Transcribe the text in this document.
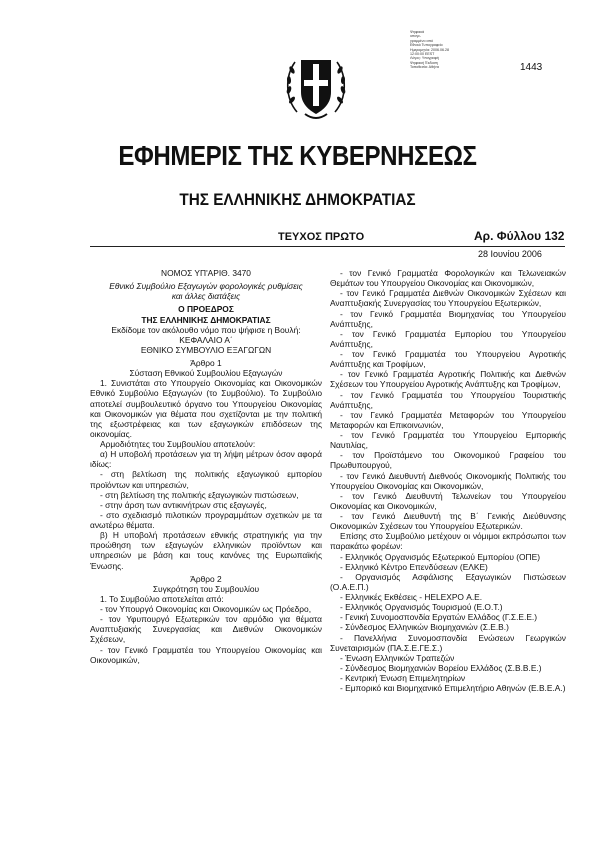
Ψηφιακά
υπογε-
γραμμένο από
Εθνικό Τυπογραφείο
Ημερομηνία: 2006.06.28
12:00:00 EEST
Λόγος: Υπογραφή
Ψηφιακή Έκδοση
Τοποθεσία: Αθήνα	1443
ΕΦΗΜΕΡΙΣ ΤΗΣ ΚΥΒΕΡΝΗΣΕΩΣ
ΤΗΣ ΕΛΛΗΝΙΚΗΣ ΔΗΜΟΚΡΑΤΙΑΣ
ΤΕΥΧΟΣ ΠΡΩΤΟ	Αρ. Φύλλου 132
28 Ιουνίου 2006

ΝΟΜΟΣ ΥΠ'ΑΡΙΘ. 3470

Εθνικό Συμβούλιο Εξαγωγών φορολογικές ρυθμίσεις

και άλλες διατάξεις

Ο ΠΡΟΕΔΡΟΣ

ΤΗΣ ΕΛΛΗΝΙΚΗΣ ΔΗΜΟΚΡΑΤΙΑΣ

Εκδίδομε τον ακόλουθο νόμο που ψήφισε η Βουλή:

ΚΕΦΑΛΑΙΟ Α΄

ΕΘΝΙΚΟ ΣΥΜΒΟΥΛΙΟ ΕΞΑΓΩΓΩΝ

Άρθρο 1

Σύσταση Εθνικού Συμβουλίου Εξαγωγών

1. Συνιστάται στο Υπουργείο Οικονομίας και Οικονομικών Εθνικό Συμβούλιο Εξαγωγών (το Συμβούλιο). Το Συμβούλιο αποτελεί συμβουλευτικό όργανο του Υπουργείου Οικονομίας και Οικονομικών για θέματα που σχετίζονται με την πολιτική της εξωστρέφειας και των εξαγωγικών επιδόσεων της οικονομίας.

Αρμοδιότητες του Συμβουλίου αποτελούν:

α) Η υποβολή προτάσεων για τη λήψη μέτρων όσον αφορά ιδίως:

- στη βελτίωση της πολιτικής εξαγωγικού εμπορίου προϊόντων και υπηρεσιών,

- στη βελτίωση της πολιτικής εξαγωγικών πιστώσεων,

- στην άρση των αντικινήτρων στις εξαγωγές,

- στο σχεδιασμό πιλοτικών προγραμμάτων σχετικών με τα ανωτέρω θέματα.

β) Η υποβολή προτάσεων εθνικής στρατηγικής για την προώθηση των εξαγωγών ελληνικών προϊόντων και υπηρεσιών με βάση και τους κανόνες της Ευρωπαϊκής Ένωσης.

Άρθρο 2

Συγκρότηση του Συμβουλίου

1. Το Συμβούλιο αποτελείται από:

- τον Υπουργό Οικονομίας και Οικονομικών ως Πρόεδρο,

- τον Υφυπουργό Εξωτερικών τον αρμόδιο για θέματα Αναπτυξιακής Συνεργασίας και Διεθνών Οικονομικών Σχέσεων,

- τον Γενικό Γραμματέα του Υπουργείου Οικονομίας και Οικονομικών,

- τον Γενικό Γραμματέα Φορολογικών και Τελωνειακών Θεμάτων του Υπουργείου Οικονομίας και Οικονομικών,

- τον Γενικό Γραμματέα Διεθνών Οικονομικών Σχέσεων και Αναπτυξιακής Συνεργασίας του Υπουργείου Εξωτερικών,

- τον Γενικό Γραμματέα Βιομηχανίας του Υπουργείου Ανάπτυξης,

- τον Γενικό Γραμματέα Εμπορίου του Υπουργείου Ανάπτυξης,

- τον Γενικό Γραμματέα του Υπουργείου Αγροτικής Ανάπτυξης και Τροφίμων,

- τον Γενικό Γραμματέα Αγροτικής Πολιτικής και Διεθνών Σχέσεων του Υπουργείου Αγροτικής Ανάπτυξης και Τροφίμων,

- τον Γενικό Γραμματέα του Υπουργείου Τουριστικής Ανάπτυξης,

- τον Γενικό Γραμματέα Μεταφορών του Υπουργείου Μεταφορών και Επικοινωνιών,

- τον Γενικό Γραμματέα του Υπουργείου Εμπορικής Ναυτιλίας,

- τον Προϊστάμενο του Οικονομικού Γραφείου του Πρωθυπουργού,

- τον Γενικό Διευθυντή Διεθνούς Οικονομικής Πολιτικής του Υπουργείου Οικονομίας και Οικονομικών,

- τον Γενικό Διευθυντή Τελωνείων του Υπουργείου Οικονομίας και Οικονομικών,

- τον Γενικό Διευθυντή της Β΄ Γενικής Διεύθυνσης Οικονομικών Σχέσεων του Υπουργείου Εξωτερικών.

Επίσης στο Συμβούλιο μετέχουν οι νόμιμοι εκπρόσωποι των παρακάτω φορέων:

- Ελληνικός Οργανισμός Εξωτερικού Εμπορίου (ΟΠΕ)

- Ελληνικό Κέντρο Επενδύσεων (ΕΛΚΕ)

- Οργανισμός Ασφάλισης Εξαγωγικών Πιστώσεων (Ο.Α.Ε.Π.)

- Ελληνικές Εκθέσεις - HELEXPO Α.Ε.

- Ελληνικός Οργανισμός Τουρισμού (Ε.Ο.Τ.)

- Γενική Συνομοσπονδία Εργατών Ελλάδος (Γ.Σ.Ε.Ε.)

- Σύνδεσμος Ελληνικών Βιομηχανιών (Σ.Ε.Β.)

- Πανελλήνια Συνομοσπονδία Ενώσεων Γεωργικών Συνεταιρισμών (ΠΑ.Σ.Ε.ΓΕ.Σ.)

- Ένωση Ελληνικών Τραπεζών

- Σύνδεσμος Βιομηχανιών Βορείου Ελλάδος (Σ.Β.Β.Ε.)

- Κεντρική Ένωση Επιμελητηρίων

- Εμπορικό και Βιομηχανικό Επιμελητήριο Αθηνών (Ε.Β.Ε.Α.)
